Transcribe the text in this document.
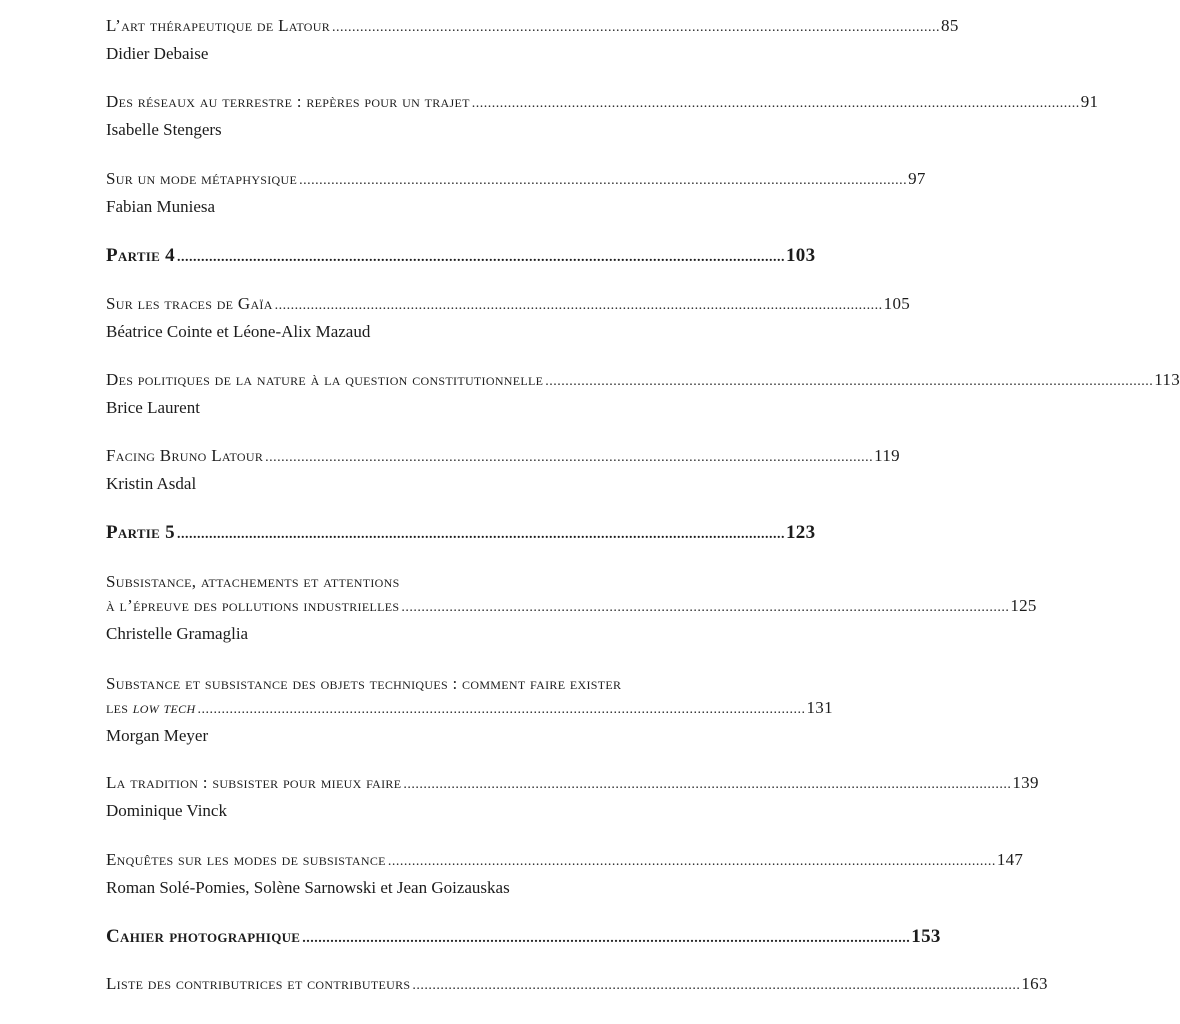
L’art thérapeutique de Latour ........................................................................................................................................................ 85
Didier Debaise
Des réseaux au terrestre : repères pour un trajet ........................................................................................................................................................ 91
Isabelle Stengers
Sur un mode métaphysique ........................................................................................................................................................ 97
Fabian Muniesa
Partie 4 ........................................................................................................................................................ 103
Sur les traces de Gaïa ........................................................................................................................................................ 105
Béatrice Cointe et Léone-Alix Mazaud
Des politiques de la nature à la question constitutionnelle ........................................................................................................................................................ 113
Brice Laurent
Facing Bruno Latour ........................................................................................................................................................ 119
Kristin Asdal
Partie 5 ........................................................................................................................................................ 123
Subsistance, attachements et attentions
à l’épreuve des pollutions industrielles ........................................................................................................................................................ 125
Christelle Gramaglia
Substance et subsistance des objets techniques : comment faire exister
les low tech ........................................................................................................................................................ 131
Morgan Meyer
La tradition : subsister pour mieux faire ........................................................................................................................................................ 139
Dominique Vinck
Enquêtes sur les modes de subsistance ........................................................................................................................................................ 147
Roman Solé-Pomies, Solène Sarnowski et Jean Goizauskas
Cahier photographique ........................................................................................................................................................ 153
Liste des contributrices et contributeurs ........................................................................................................................................................ 163
